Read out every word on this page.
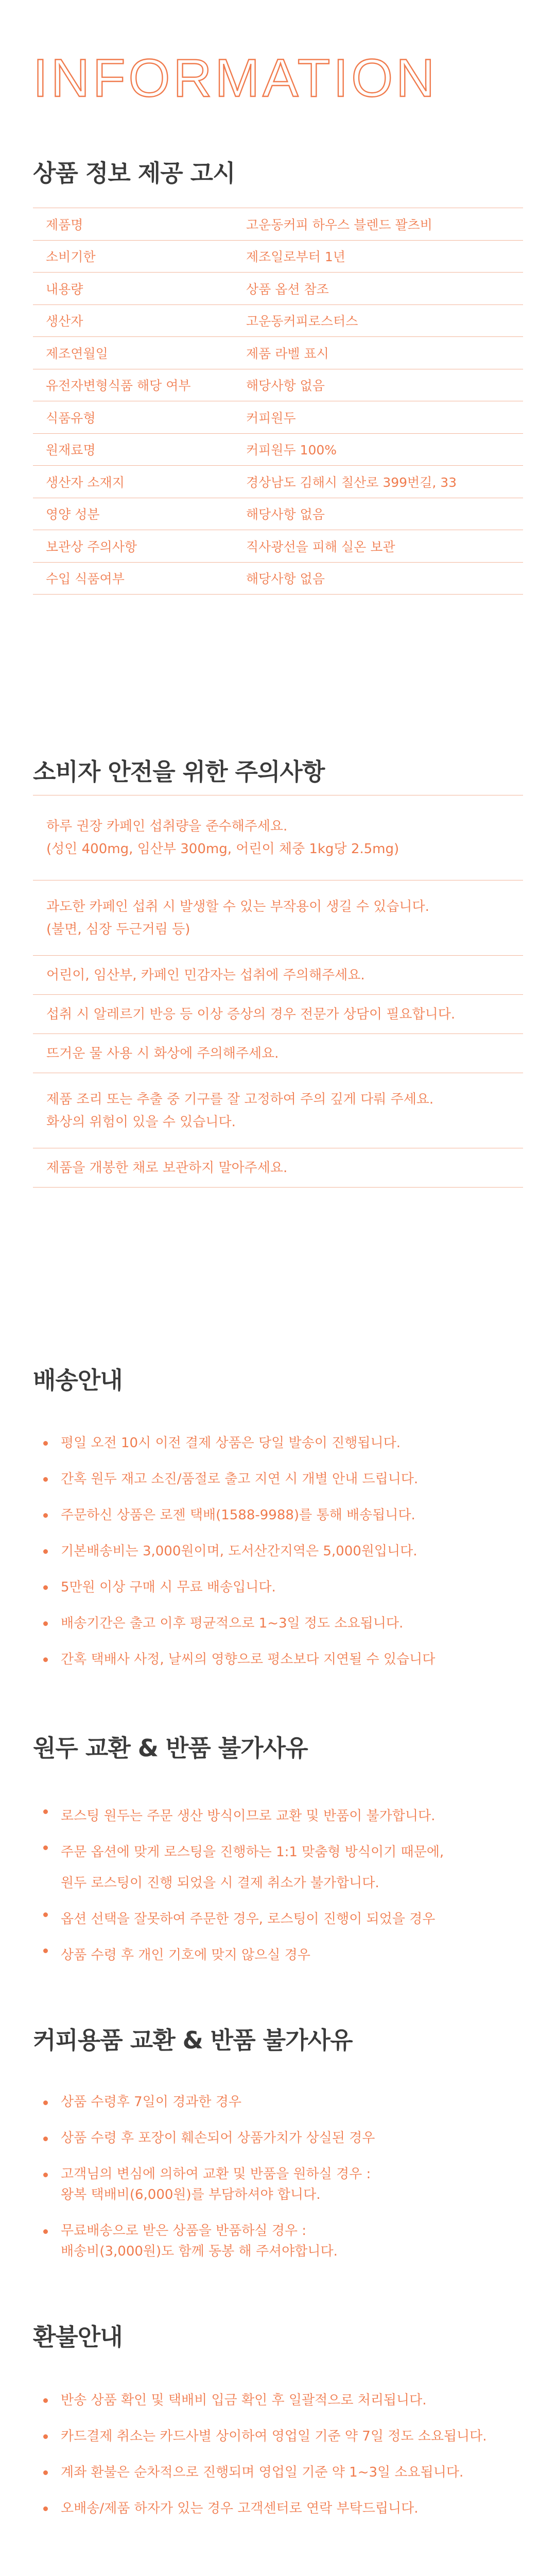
INFORMATION
상품 정보 제공 고시
제품명	고운동커피 하우스 블렌드 꽐츠비
소비기한	제조일로부터 1년
내용량	상품 옵션 참조
생산자	고운동커피로스터스
제조연월일	제품 라벨 표시
유전자변형식품 해당 여부	해당사항 없음
식품유형	커피원두
원재료명	커피원두 100%
생산자 소재지	경상남도 김해시 칠산로 399번길, 33
영양 성분	해당사항 없음
보관상 주의사항	직사광선을 피해 실온 보관
수입 식품여부	해당사항 없음
소비자 안전을 위한 주의사항
하루 권장 카페인 섭취량을 준수해주세요.
(성인 400mg, 임산부 300mg, 어린이 체중 1kg당 2.5mg)
과도한 카페인 섭취 시 발생할 수 있는 부작용이 생길 수 있습니다.
(불면, 심장 두근거림 등)
어린이, 임산부, 카페인 민감자는 섭취에 주의해주세요.
섭취 시 알레르기 반응 등 이상 증상의 경우 전문가 상담이 필요합니다.
뜨거운 물 사용 시 화상에 주의해주세요.
제품 조리 또는 추출 중 기구를 잘 고정하여 주의 깊게 다뤄 주세요.
화상의 위험이 있을 수 있습니다.
제품을 개봉한 채로 보관하지 말아주세요.
배송안내
평일 오전 10시 이전 결제 상품은 당일 발송이 진행됩니다.
간혹 원두 재고 소진/품절로 출고 지연 시 개별 안내 드립니다.
주문하신 상품은 로젠 택배(1588-9988)를 통해 배송됩니다.
기본배송비는 3,000원이며, 도서산간지역은 5,000원입니다.
5만원 이상 구매 시 무료 배송입니다.
배송기간은 출고 이후 평균적으로 1~3일 정도 소요됩니다.
간혹 택배사 사정, 날씨의 영향으로 평소보다 지연될 수 있습니다
원두 교환 & 반품 불가사유
로스팅 원두는 주문 생산 방식이므로 교환 및 반품이 불가합니다.
주문 옵션에 맞게 로스팅을 진행하는 1:1 맞춤형 방식이기 때문에,
원두 로스팅이 진행 되었을 시 결제 취소가 불가합니다.
옵션 선택을 잘못하여 주문한 경우, 로스팅이 진행이 되었을 경우
상품 수령 후 개인 기호에 맞지 않으실 경우
커피용품 교환 & 반품 불가사유
상품 수령후 7일이 경과한 경우
상품 수령 후 포장이 훼손되어 상품가치가 상실된 경우
고객님의 변심에 의하여 교환 및 반품을 원하실 경우 :
왕복 택배비(6,000원)를 부담하셔야 합니다.
무료배송으로 받은 상품을 반품하실 경우 :
배송비(3,000원)도 함께 동봉 해 주셔야합니다.
환불안내
반송 상품 확인 및 택배비 입금 확인 후 일괄적으로 처리됩니다.
카드결제 취소는 카드사별 상이하여 영업일 기준 약 7일 정도 소요됩니다.
계좌 환불은 순차적으로 진행되며 영업일 기준 약 1~3일 소요됩니다.
오배송/제품 하자가 있는 경우 고객센터로 연락 부탁드립니다.
